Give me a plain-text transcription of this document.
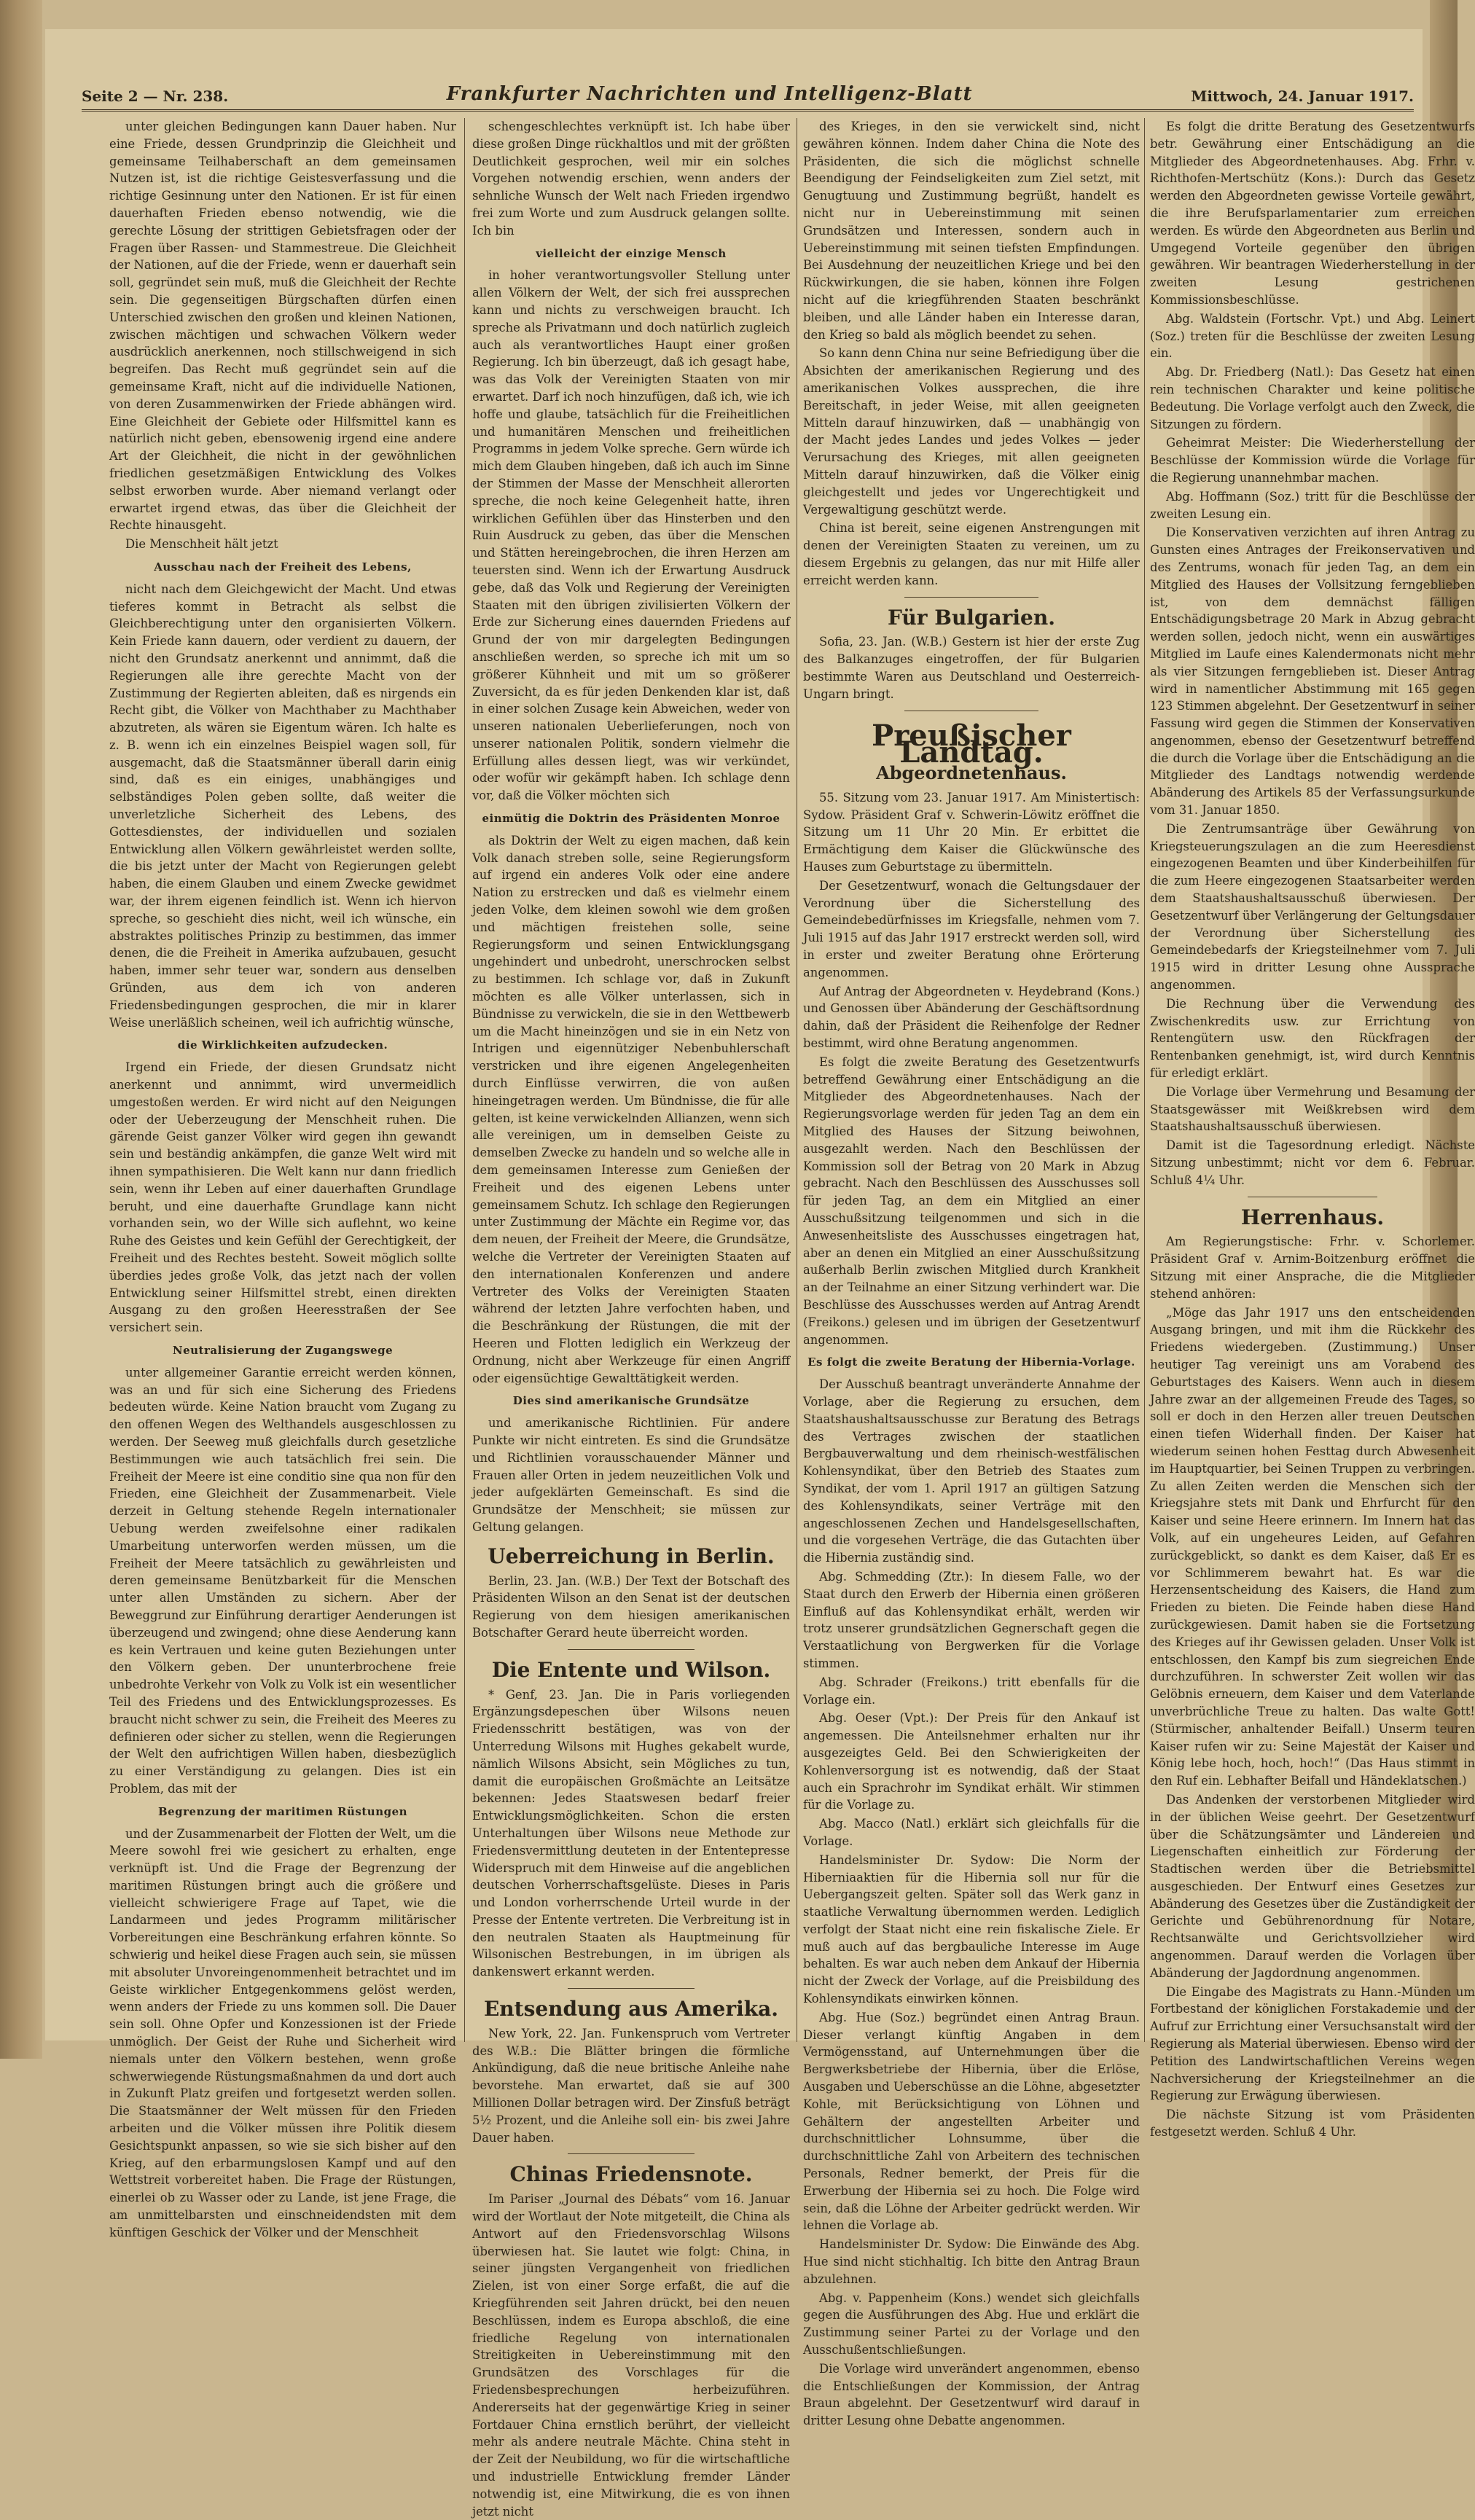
Seite 2 — Nr. 238.	Frankfurter Nachrichten und Intelligenz-Blatt	Mittwoch, 24. Januar 1917.

unter gleichen Bedingungen kann Dauer haben. Nur eine Friede, dessen Grundprinzip die Gleichheit und gemeinsame Teilhaberschaft an dem gemeinsamen Nutzen ist, ist die richtige Geistesverfassung und die richtige Gesinnung unter den Nationen. Er ist für einen dauerhaften Frieden ebenso notwendig, wie die gerechte Lösung der strittigen Gebietsfragen oder der Fragen über Rassen- und Stammestreue. Die Gleichheit der Nationen, auf die der Friede, wenn er dauerhaft sein soll, gegründet sein muß, muß die Gleichheit der Rechte sein. Die gegenseitigen Bürgschaften dürfen einen Unterschied zwischen den großen und kleinen Nationen, zwischen mächtigen und schwachen Völkern weder ausdrücklich anerkennen, noch stillschweigend in sich begreifen. Das Recht muß gegründet sein auf die gemeinsame Kraft, nicht auf die individuelle Nationen, von deren Zusammenwirken der Friede abhängen wird. Eine Gleichheit der Gebiete oder Hilfsmittel kann es natürlich nicht geben, ebensowenig irgend eine andere Art der Gleichheit, die nicht in der gewöhnlichen friedlichen gesetzmäßigen Entwicklung des Volkes selbst erworben wurde. Aber niemand verlangt oder erwartet irgend etwas, das über die Gleichheit der Rechte hinausgeht.

Die Menschheit hält jetzt

Ausschau nach der Freiheit des Lebens,

nicht nach dem Gleichgewicht der Macht. Und etwas tieferes kommt in Betracht als selbst die Gleichberechtigung unter den organisierten Völkern. Kein Friede kann dauern, oder verdient zu dauern, der nicht den Grundsatz anerkennt und annimmt, daß die Regierungen alle ihre gerechte Macht von der Zustimmung der Regierten ableiten, daß es nirgends ein Recht gibt, die Völker von Machthaber zu Machthaber abzutreten, als wären sie Eigentum wären. Ich halte es z. B. wenn ich ein einzelnes Beispiel wagen soll, für ausgemacht, daß die Staatsmänner überall darin einig sind, daß es ein einiges, unabhängiges und selbständiges Polen geben sollte, daß weiter die unverletzliche Sicherheit des Lebens, des Gottesdienstes, der individuellen und sozialen Entwicklung allen Völkern gewährleistet werden sollte, die bis jetzt unter der Macht von Regierungen gelebt haben, die einem Glauben und einem Zwecke gewidmet war, der ihrem eigenen feindlich ist. Wenn ich hiervon spreche, so geschieht dies nicht, weil ich wünsche, ein abstraktes politisches Prinzip zu bestimmen, das immer denen, die die Freiheit in Amerika aufzubauen, gesucht haben, immer sehr teuer war, sondern aus denselben Gründen, aus dem ich von anderen Friedensbedingungen gesprochen, die mir in klarer Weise unerläßlich scheinen, weil ich aufrichtig wünsche,

die Wirklichkeiten aufzudecken.

Irgend ein Friede, der diesen Grundsatz nicht anerkennt und annimmt, wird unvermeidlich umgestoßen werden. Er wird nicht auf den Neigungen oder der Ueberzeugung der Menschheit ruhen. Die gärende Geist ganzer Völker wird gegen ihn gewandt sein und beständig ankämpfen, die ganze Welt wird mit ihnen sympathisieren. Die Welt kann nur dann friedlich sein, wenn ihr Leben auf einer dauerhaften Grundlage beruht, und eine dauerhafte Grundlage kann nicht vorhanden sein, wo der Wille sich auflehnt, wo keine Ruhe des Geistes und kein Gefühl der Gerechtigkeit, der Freiheit und des Rechtes besteht. Soweit möglich sollte überdies jedes große Volk, das jetzt nach der vollen Entwicklung seiner Hilfsmittel strebt, einen direkten Ausgang zu den großen Heeresstraßen der See versichert sein.

Neutralisierung der Zugangswege

unter allgemeiner Garantie erreicht werden können, was an und für sich eine Sicherung des Friedens bedeuten würde. Keine Nation braucht vom Zugang zu den offenen Wegen des Welthandels ausgeschlossen zu werden. Der Seeweg muß gleichfalls durch gesetzliche Bestimmungen wie auch tatsächlich frei sein. Die Freiheit der Meere ist eine conditio sine qua non für den Frieden, eine Gleichheit der Zusammenarbeit. Viele derzeit in Geltung stehende Regeln internationaler Uebung werden zweifelsohne einer radikalen Umarbeitung unterworfen werden müssen, um die Freiheit der Meere tatsächlich zu gewährleisten und deren gemeinsame Benützbarkeit für die Menschen unter allen Umständen zu sichern. Aber der Beweggrund zur Einführung derartiger Aenderungen ist überzeugend und zwingend; ohne diese Aenderung kann es kein Vertrauen und keine guten Beziehungen unter den Völkern geben. Der ununterbrochene freie unbedrohte Verkehr von Volk zu Volk ist ein wesentlicher Teil des Friedens und des Entwicklungsprozesses. Es braucht nicht schwer zu sein, die Freiheit des Meeres zu definieren oder sicher zu stellen, wenn die Regierungen der Welt den aufrichtigen Willen haben, diesbezüglich zu einer Verständigung zu gelangen. Dies ist ein Problem, das mit der

Begrenzung der maritimen Rüstungen

und der Zusammenarbeit der Flotten der Welt, um die Meere sowohl frei wie gesichert zu erhalten, enge verknüpft ist. Und die Frage der Begrenzung der maritimen Rüstungen bringt auch die größere und vielleicht schwierigere Frage auf Tapet, wie die Landarmeen und jedes Programm militärischer Vorbereitungen eine Beschränkung erfahren könnte. So schwierig und heikel diese Fragen auch sein, sie müssen mit absoluter Unvoreingenommenheit betrachtet und im Geiste wirklicher Entgegenkommens gelöst werden, wenn anders der Friede zu uns kommen soll. Die Dauer sein soll. Ohne Opfer und Konzessionen ist der Friede unmöglich. Der Geist der Ruhe und Sicherheit wird niemals unter den Völkern bestehen, wenn große schwerwiegende Rüstungsmaßnahmen da und dort auch in Zukunft Platz greifen und fortgesetzt werden sollen. Die Staatsmänner der Welt müssen für den Frieden arbeiten und die Völker müssen ihre Politik diesem Gesichtspunkt anpassen, so wie sie sich bisher auf den Krieg, auf den erbarmungslosen Kampf und auf den Wettstreit vorbereitet haben. Die Frage der Rüstungen, einerlei ob zu Wasser oder zu Lande, ist jene Frage, die am unmittelbarsten und einschneidendsten mit dem künftigen Geschick der Völker und der Menschheit

schengeschlechtes verknüpft ist. Ich habe über diese großen Dinge rückhaltlos und mit der größten Deutlichkeit gesprochen, weil mir ein solches Vorgehen notwendig erschien, wenn anders der sehnliche Wunsch der Welt nach Frieden irgendwo frei zum Worte und zum Ausdruck gelangen sollte. Ich bin

vielleicht der einzige Mensch

in hoher verantwortungsvoller Stellung unter allen Völkern der Welt, der sich frei aussprechen kann und nichts zu verschweigen braucht. Ich spreche als Privatmann und doch natürlich zugleich auch als verantwortliches Haupt einer großen Regierung. Ich bin überzeugt, daß ich gesagt habe, was das Volk der Vereinigten Staaten von mir erwartet. Darf ich noch hinzufügen, daß ich, wie ich hoffe und glaube, tatsächlich für die Freiheitlichen und humanitären Menschen und freiheitlichen Programms in jedem Volke spreche. Gern würde ich mich dem Glauben hingeben, daß ich auch im Sinne der Stimmen der Masse der Menschheit allerorten spreche, die noch keine Gelegenheit hatte, ihren wirklichen Gefühlen über das Hinsterben und den Ruin Ausdruck zu geben, das über die Menschen und Stätten hereingebrochen, die ihren Herzen am teuersten sind. Wenn ich der Erwartung Ausdruck gebe, daß das Volk und Regierung der Vereinigten Staaten mit den übrigen zivilisierten Völkern der Erde zur Sicherung eines dauernden Friedens auf Grund der von mir dargelegten Bedingungen anschließen werden, so spreche ich mit um so größerer Kühnheit und mit um so größerer Zuversicht, da es für jeden Denkenden klar ist, daß in einer solchen Zusage kein Abweichen, weder von unseren nationalen Ueberlieferungen, noch von unserer nationalen Politik, sondern vielmehr die Erfüllung alles dessen liegt, was wir verkündet, oder wofür wir gekämpft haben. Ich schlage denn vor, daß die Völker möchten sich

einmütig die Doktrin des Präsidenten Monroe

als Doktrin der Welt zu eigen machen, daß kein Volk danach streben solle, seine Regierungsform auf irgend ein anderes Volk oder eine andere Nation zu erstrecken und daß es vielmehr einem jeden Volke, dem kleinen sowohl wie dem großen und mächtigen freistehen solle, seine Regierungsform und seinen Entwicklungsgang ungehindert und unbedroht, unerschrocken selbst zu bestimmen. Ich schlage vor, daß in Zukunft möchten es alle Völker unterlassen, sich in Bündnisse zu verwickeln, die sie in den Wettbewerb um die Macht hineinzögen und sie in ein Netz von Intrigen und eigennütziger Nebenbuhlerschaft verstricken und ihre eigenen Angelegenheiten durch Einflüsse verwirren, die von außen hineingetragen werden. Um Bündnisse, die für alle gelten, ist keine verwickelnden Allianzen, wenn sich alle vereinigen, um in demselben Geiste zu demselben Zwecke zu handeln und so welche alle in dem gemeinsamen Interesse zum Genießen der Freiheit und des eigenen Lebens unter gemeinsamem Schutz. Ich schlage den Regierungen unter Zustimmung der Mächte ein Regime vor, das dem neuen, der Freiheit der Meere, die Grundsätze, welche die Vertreter der Vereinigten Staaten auf den internationalen Konferenzen und andere Vertreter des Volks der Vereinigten Staaten während der letzten Jahre verfochten haben, und die Beschränkung der Rüstungen, die mit der Heeren und Flotten lediglich ein Werkzeug der Ordnung, nicht aber Werkzeuge für einen Angriff oder eigensüchtige Gewalttätigkeit werden.

Dies sind amerikanische Grundsätze

und amerikanische Richtlinien. Für andere Punkte wir nicht eintreten. Es sind die Grundsätze und Richtlinien vorausschauender Männer und Frauen aller Orten in jedem neuzeitlichen Volk und jeder aufgeklärten Gemeinschaft. Es sind die Grundsätze der Menschheit; sie müssen zur Geltung gelangen.

Ueberreichung in Berlin.

Berlin, 23. Jan. (W.B.) Der Text der Botschaft des Präsidenten Wilson an den Senat ist der deutschen Regierung von dem hiesigen amerikanischen Botschafter Gerard heute überreicht worden.

Die Entente und Wilson.

* Genf, 23. Jan. Die in Paris vorliegenden Ergänzungsdepeschen über Wilsons neuen Friedensschritt bestätigen, was von der Unterredung Wilsons mit Hughes gekabelt wurde, nämlich Wilsons Absicht, sein Mögliches zu tun, damit die europäischen Großmächte an Leitsätze bekennen: Jedes Staatswesen bedarf freier Entwicklungsmöglichkeiten. Schon die ersten Unterhaltungen über Wilsons neue Methode zur Friedensvermittlung deuteten in der Ententepresse Widerspruch mit dem Hinweise auf die angeblichen deutschen Vorherrschaftsgelüste. Dieses in Paris und London vorherrschende Urteil wurde in der Presse der Entente vertreten. Die Verbreitung ist in den neutralen Staaten als Hauptmeinung für Wilsonischen Bestrebungen, in im übrigen als dankenswert erkannt werden.

Entsendung aus Amerika.

New York, 22. Jan. Funkenspruch vom Vertreter des W.B.: Die Blätter bringen die förmliche Ankündigung, daß die neue britische Anleihe nahe bevorstehe. Man erwartet, daß sie auf 300 Millionen Dollar betragen wird. Der Zinsfuß beträgt 5½ Prozent, und die Anleihe soll ein- bis zwei Jahre Dauer haben.

Chinas Friedensnote.

Im Pariser „Journal des Débats“ vom 16. Januar wird der Wortlaut der Note mitgeteilt, die China als Antwort auf den Friedensvorschlag Wilsons überwiesen hat. Sie lautet wie folgt: China, in seiner jüngsten Vergangenheit von friedlichen Zielen, ist von einer Sorge erfaßt, die auf die Kriegführenden seit Jahren drückt, bei den neuen Beschlüssen, indem es Europa abschloß, die eine friedliche Regelung von internationalen Streitigkeiten in Uebereinstimmung mit den Grundsätzen des Vorschlages für die Friedensbesprechungen herbeizuführen. Andererseits hat der gegenwärtige Krieg in seiner Fortdauer China ernstlich berührt, der vielleicht mehr als andere neutrale Mächte. China steht in der Zeit der Neubildung, wo für die wirtschaftliche und industrielle Entwicklung fremder Länder notwendig ist, eine Mitwirkung, die es von ihnen jetzt nicht

des Krieges, in den sie verwickelt sind, nicht gewähren können. Indem daher China die Note des Präsidenten, die sich die möglichst schnelle Beendigung der Feindseligkeiten zum Ziel setzt, mit Genugtuung und Zustimmung begrüßt, handelt es nicht nur in Uebereinstimmung mit seinen Grundsätzen und Interessen, sondern auch in Uebereinstimmung mit seinen tiefsten Empfindungen. Bei Ausdehnung der neuzeitlichen Kriege und bei den Rückwirkungen, die sie haben, können ihre Folgen nicht auf die kriegführenden Staaten beschränkt bleiben, und alle Länder haben ein Interesse daran, den Krieg so bald als möglich beendet zu sehen.

So kann denn China nur seine Befriedigung über die Absichten der amerikanischen Regierung und des amerikanischen Volkes aussprechen, die ihre Bereitschaft, in jeder Weise, mit allen geeigneten Mitteln darauf hinzuwirken, daß — unabhängig von der Macht jedes Landes und jedes Volkes — jeder Verursachung des Krieges, mit allen geeigneten Mitteln darauf hinzuwirken, daß die Völker einig gleichgestellt und jedes vor Ungerechtigkeit und Vergewaltigung geschützt werde.

China ist bereit, seine eigenen Anstrengungen mit denen der Vereinigten Staaten zu vereinen, um zu diesem Ergebnis zu gelangen, das nur mit Hilfe aller erreicht werden kann.

Für Bulgarien.

Sofia, 23. Jan. (W.B.) Gestern ist hier der erste Zug des Balkanzuges eingetroffen, der für Bulgarien bestimmte Waren aus Deutschland und Oesterreich-Ungarn bringt.

Preußischer Landtag.
Abgeordnetenhaus.

55. Sitzung vom 23. Januar 1917. Am Ministertisch: Sydow. Präsident Graf v. Schwerin-Löwitz eröffnet die Sitzung um 11 Uhr 20 Min. Er erbittet die Ermächtigung dem Kaiser die Glückwünsche des Hauses zum Geburtstage zu übermitteln.

Der Gesetzentwurf, wonach die Geltungsdauer der Verordnung über die Sicherstellung des Gemeindebedürfnisses im Kriegsfalle, nehmen vom 7. Juli 1915 auf das Jahr 1917 erstreckt werden soll, wird in erster und zweiter Beratung ohne Erörterung angenommen.

Auf Antrag der Abgeordneten v. Heydebrand (Kons.) und Genossen über Abänderung der Geschäftsordnung dahin, daß der Präsident die Reihenfolge der Redner bestimmt, wird ohne Beratung angenommen.

Es folgt die zweite Beratung des Gesetzentwurfs betreffend Gewährung einer Entschädigung an die Mitglieder des Abgeordnetenhauses. Nach der Regierungsvorlage werden für jeden Tag an dem ein Mitglied des Hauses der Sitzung beiwohnen, ausgezahlt werden. Nach den Beschlüssen der Kommission soll der Betrag von 20 Mark in Abzug gebracht. Nach den Beschlüssen des Ausschusses soll für jeden Tag, an dem ein Mitglied an einer Ausschußsitzung teilgenommen und sich in die Anwesenheitsliste des Ausschusses eingetragen hat, aber an denen ein Mitglied an einer Ausschußsitzung außerhalb Berlin zwischen Mitglied durch Krankheit an der Teilnahme an einer Sitzung verhindert war. Die Beschlüsse des Ausschusses werden auf Antrag Arendt (Freikons.) gelesen und im übrigen der Gesetzentwurf angenommen.

Es folgt die zweite Beratung der Hibernia-Vorlage.

Der Ausschuß beantragt unveränderte Annahme der Vorlage, aber die Regierung zu ersuchen, dem Staatshaushaltsausschusse zur Beratung des Betrags des Vertrages zwischen der staatlichen Bergbauverwaltung und dem rheinisch-westfälischen Kohlensyndikat, über den Betrieb des Staates zum Syndikat, der vom 1. April 1917 an gültigen Satzung des Kohlensyndikats, seiner Verträge mit den angeschlossenen Zechen und Handelsgesellschaften, und die vorgesehen Verträge, die das Gutachten über die Hibernia zuständig sind.

Abg. Schmedding (Ztr.): In diesem Falle, wo der Staat durch den Erwerb der Hibernia einen größeren Einfluß auf das Kohlensyndikat erhält, werden wir trotz unserer grundsätzlichen Gegnerschaft gegen die Verstaatlichung von Bergwerken für die Vorlage stimmen.

Abg. Schrader (Freikons.) tritt ebenfalls für die Vorlage ein.

Abg. Oeser (Vpt.): Der Preis für den Ankauf ist angemessen. Die Anteilsnehmer erhalten nur ihr ausgezeigtes Geld. Bei den Schwierigkeiten der Kohlenversorgung ist es notwendig, daß der Staat auch ein Sprachrohr im Syndikat erhält. Wir stimmen für die Vorlage zu.

Abg. Macco (Natl.) erklärt sich gleichfalls für die Vorlage.

Handelsminister Dr. Sydow: Die Norm der Hiberniaaktien für die Hibernia soll nur für die Uebergangszeit gelten. Später soll das Werk ganz in staatliche Verwaltung übernommen werden. Lediglich verfolgt der Staat nicht eine rein fiskalische Ziele. Er muß auch auf das bergbauliche Interesse im Auge behalten. Es war auch neben dem Ankauf der Hibernia nicht der Zweck der Vorlage, auf die Preisbildung des Kohlensyndikats einwirken können.

Abg. Hue (Soz.) begründet einen Antrag Braun. Dieser verlangt künftig Angaben in dem Vermögensstand, auf Unternehmungen über die Bergwerksbetriebe der Hibernia, über die Erlöse, Ausgaben und Ueberschüsse an die Löhne, abgesetzter Kohle, mit Berücksichtigung von Löhnen und Gehältern der angestellten Arbeiter und durchschnittlicher Lohnsumme, über die durchschnittliche Zahl von Arbeitern des technischen Personals, Redner bemerkt, der Preis für die Erwerbung der Hibernia sei zu hoch. Die Folge wird sein, daß die Löhne der Arbeiter gedrückt werden. Wir lehnen die Vorlage ab.

Handelsminister Dr. Sydow: Die Einwände des Abg. Hue sind nicht stichhaltig. Ich bitte den Antrag Braun abzulehnen.

Abg. v. Pappenheim (Kons.) wendet sich gleichfalls gegen die Ausführungen des Abg. Hue und erklärt die Zustimmung seiner Partei zu der Vorlage und den Ausschußentschließungen.

Die Vorlage wird unverändert angenommen, ebenso die Entschließungen der Kommission, der Antrag Braun abgelehnt. Der Gesetzentwurf wird darauf in dritter Lesung ohne Debatte angenommen.

Es folgt die dritte Beratung des Gesetzentwurfs betr. Gewährung einer Entschädigung an die Mitglieder des Abgeordnetenhauses. Abg. Frhr. v. Richthofen-Mertschütz (Kons.): Durch das Gesetz werden den Abgeordneten gewisse Vorteile gewährt, die ihre Berufsparlamentarier zum erreichen werden. Es würde den Abgeordneten aus Berlin und Umgegend Vorteile gegenüber den übrigen gewähren. Wir beantragen Wiederherstellung in der zweiten Lesung gestrichenen Kommissionsbeschlüsse.

Abg. Waldstein (Fortschr. Vpt.) und Abg. Leinert (Soz.) treten für die Beschlüsse der zweiten Lesung ein.

Abg. Dr. Friedberg (Natl.): Das Gesetz hat einen rein technischen Charakter und keine politische Bedeutung. Die Vorlage verfolgt auch den Zweck, die Sitzungen zu fördern.

Geheimrat Meister: Die Wiederherstellung der Beschlüsse der Kommission würde die Vorlage für die Regierung unannehmbar machen.

Abg. Hoffmann (Soz.) tritt für die Beschlüsse der zweiten Lesung ein.

Die Konservativen verzichten auf ihren Antrag zu Gunsten eines Antrages der Freikonservativen und des Zentrums, wonach für jeden Tag, an dem ein Mitglied des Hauses der Vollsitzung ferngeblieben ist, von dem demnächst fälligen Entschädigungsbetrage 20 Mark in Abzug gebracht werden sollen, jedoch nicht, wenn ein auswärtiges Mitglied im Laufe eines Kalendermonats nicht mehr als vier Sitzungen ferngeblieben ist. Dieser Antrag wird in namentlicher Abstimmung mit 165 gegen 123 Stimmen abgelehnt. Der Gesetzentwurf in seiner Fassung wird gegen die Stimmen der Konservativen angenommen, ebenso der Gesetzentwurf betreffend die durch die Vorlage über die Entschädigung an die Mitglieder des Landtags notwendig werdende Abänderung des Artikels 85 der Verfassungsurkunde vom 31. Januar 1850.

Die Zentrumsanträge über Gewährung von Kriegsteuerungszulagen an die zum Heeresdienst eingezogenen Beamten und über Kinderbeihilfen für die zum Heere eingezogenen Staatsarbeiter werden dem Staatshaushaltsausschuß überwiesen. Der Gesetzentwurf über Verlängerung der Geltungsdauer der Verordnung über Sicherstellung des Gemeindebedarfs der Kriegsteilnehmer vom 7. Juli 1915 wird in dritter Lesung ohne Aussprache angenommen.

Die Rechnung über die Verwendung des Zwischenkredits usw. zur Errichtung von Rentengütern usw. den Rückfragen der Rentenbanken genehmigt, ist, wird durch Kenntnis für erledigt erklärt.

Die Vorlage über Vermehrung und Besamung der Staatsgewässer mit Weißkrebsen wird dem Staatshaushaltsausschuß überwiesen.

Damit ist die Tagesordnung erledigt. Nächste Sitzung unbestimmt; nicht vor dem 6. Februar. Schluß 4¼ Uhr.

Herrenhaus.

Am Regierungstische: Frhr. v. Schorlemer. Präsident Graf v. Arnim-Boitzenburg eröffnet die Sitzung mit einer Ansprache, die die Mitglieder stehend anhören:

„Möge das Jahr 1917 uns den entscheidenden Ausgang bringen, und mit ihm die Rückkehr des Friedens wiedergeben. (Zustimmung.) Unser heutiger Tag vereinigt uns am Vorabend des Geburtstages des Kaisers. Wenn auch in diesem Jahre zwar an der allgemeinen Freude des Tages, so soll er doch in den Herzen aller treuen Deutschen einen tiefen Widerhall finden. Der Kaiser hat wiederum seinen hohen Festtag durch Abwesenheit im Hauptquartier, bei Seinen Truppen zu verbringen. Zu allen Zeiten werden die Menschen sich der Kriegsjahre stets mit Dank und Ehrfurcht für den Kaiser und seine Heere erinnern. Im Innern hat das Volk, auf ein ungeheures Leiden, auf Gefahren zurückgeblickt, so dankt es dem Kaiser, daß Er es vor Schlimmerem bewahrt hat. Es war die Herzensentscheidung des Kaisers, die Hand zum Frieden zu bieten. Die Feinde haben diese Hand zurückgewiesen. Damit haben sie die Fortsetzung des Krieges auf ihr Gewissen geladen. Unser Volk ist entschlossen, den Kampf bis zum siegreichen Ende durchzuführen. In schwerster Zeit wollen wir das Gelöbnis erneuern, dem Kaiser und dem Vaterlande unverbrüchliche Treue zu halten. Das walte Gott! (Stürmischer, anhaltender Beifall.) Unserm teuren Kaiser rufen wir zu: Seine Majestät der Kaiser und König lebe hoch, hoch, hoch!“ (Das Haus stimmt in den Ruf ein. Lebhafter Beifall und Händeklatschen.)

Das Andenken der verstorbenen Mitglieder wird in der üblichen Weise geehrt. Der Gesetzentwurf über die Schätzungsämter und Ländereien und Liegenschaften einheitlich zur Förderung der Stadtischen werden über die Betriebsmittel ausgeschieden. Der Entwurf eines Gesetzes zur Abänderung des Gesetzes über die Zuständigkeit der Gerichte und Gebührenordnung für Notare, Rechtsanwälte und Gerichtsvollzieher wird angenommen. Darauf werden die Vorlagen über Abänderung der Jagdordnung angenommen.

Die Eingabe des Magistrats zu Hann.-Münden um Fortbestand der königlichen Forstakademie und der Aufruf zur Errichtung einer Versuchsanstalt wird der Regierung als Material überwiesen. Ebenso wird der Petition des Landwirtschaftlichen Vereins wegen Nachversicherung der Kriegsteilnehmer an die Regierung zur Erwägung überwiesen.

Die nächste Sitzung ist vom Präsidenten festgesetzt werden. Schluß 4 Uhr.
